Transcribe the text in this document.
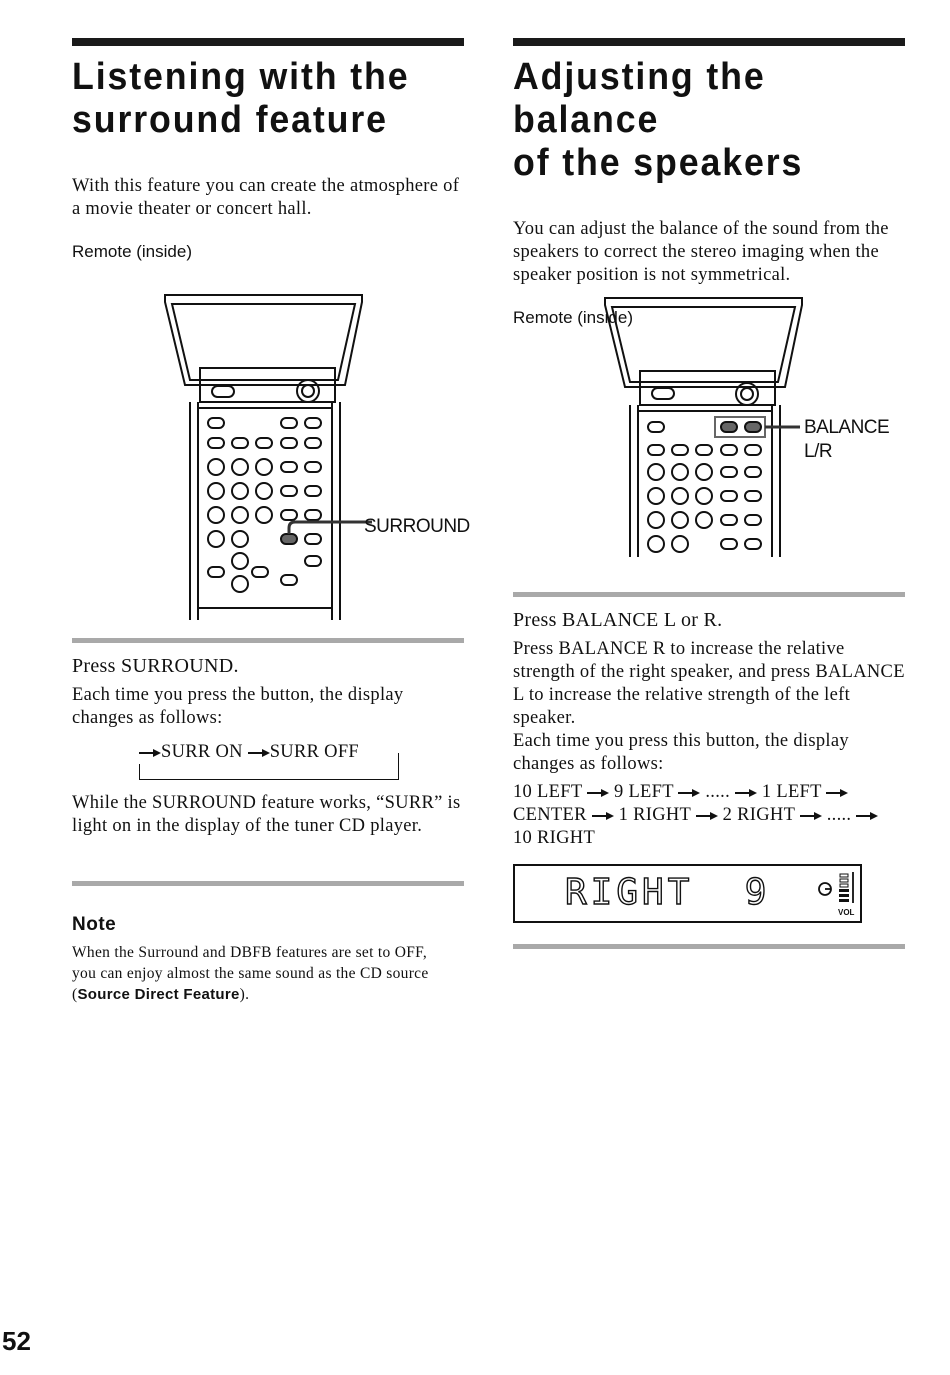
Listening with the
surround feature
With this feature you can create the atmosphere of a movie theater or concert hall.
Remote (inside)
SURROUND
Press SURROUND.
Each time you press the button, the display changes as follows:
SURR ON SURR OFF
While the SURROUND feature works, “SURR” is light on in the display of the tuner CD player.
Note
When the Surround and DBFB features are set to OFF, you can enjoy almost the same sound as the CD source (Source Direct Feature).
Adjusting the balance
of the speakers
You can adjust the balance of the sound from the speakers to correct the stereo imaging when the speaker position is not symmetrical.
Remote (inside)
BALANCE
L/R
Press BALANCE L or R.
Press BALANCE R to increase the relative strength of the right speaker, and press BALANCE L to increase the relative strength of the left speaker.
Each time you press this button, the display changes as follows:
10 LEFT 9 LEFT ..... 1 LEFT
CENTER 1 RIGHT 2 RIGHT .....
10 RIGHT
RIGHT  9	VOL
52
